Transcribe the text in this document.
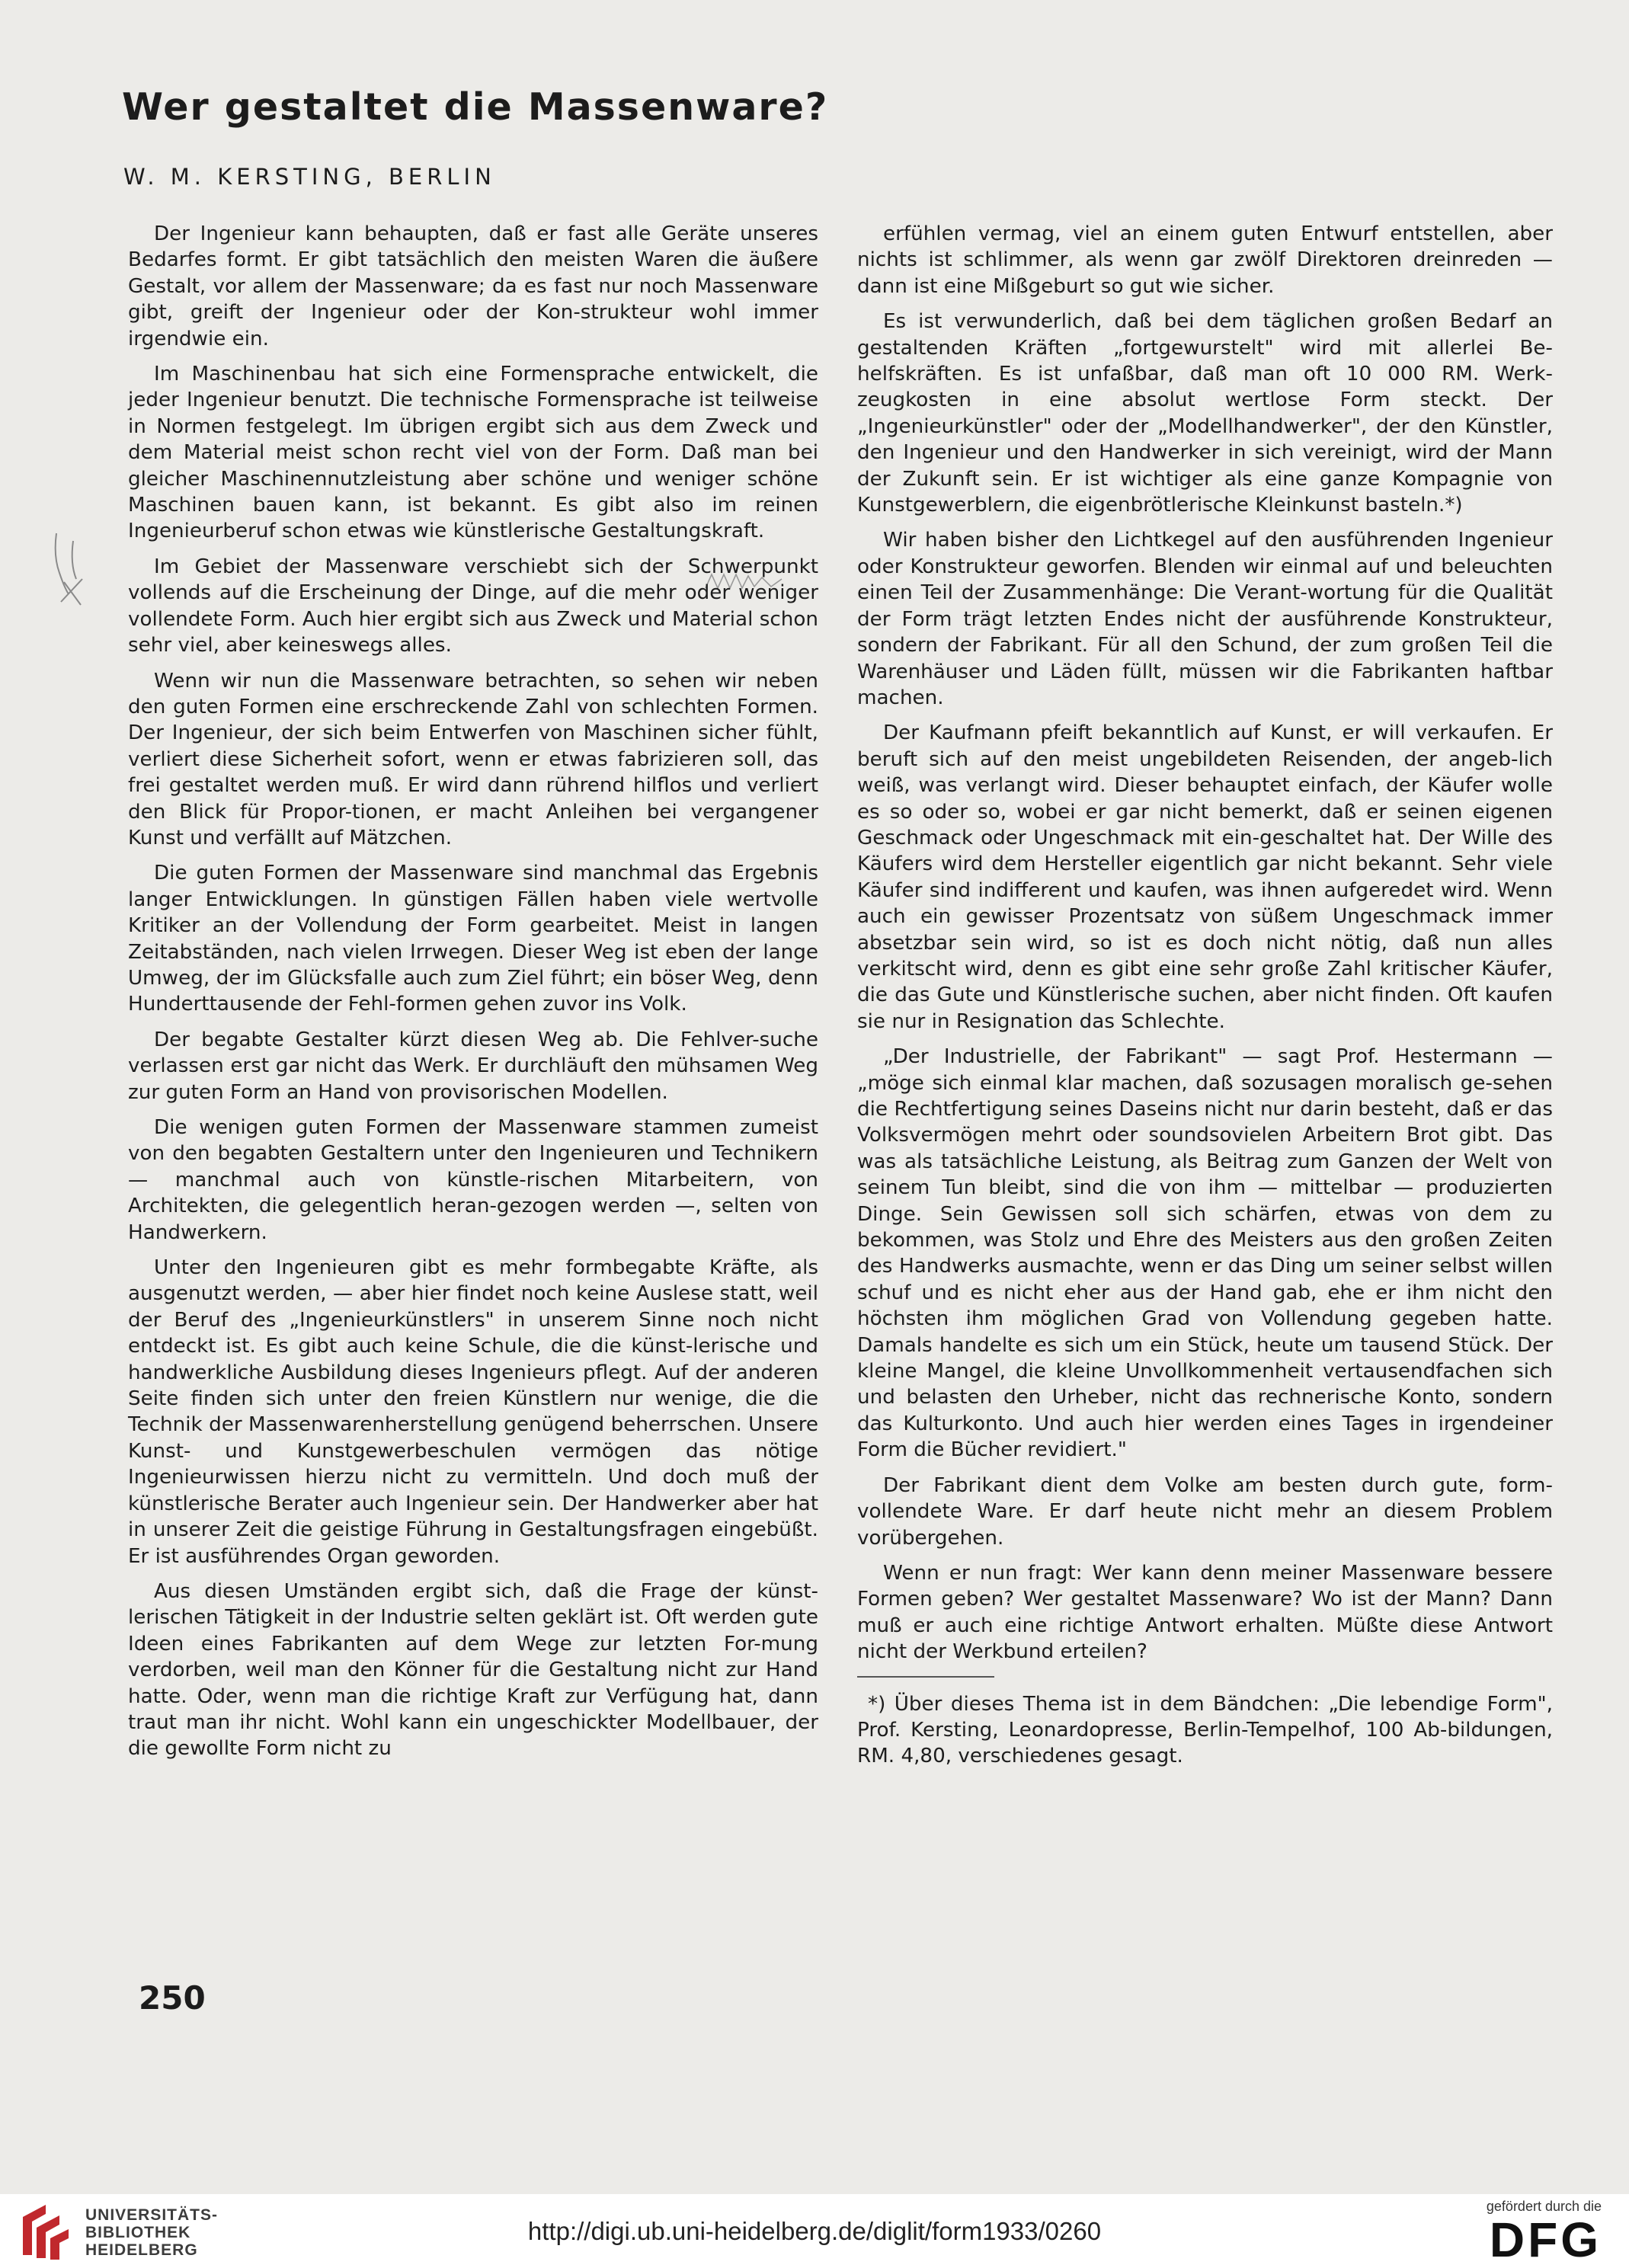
Wer gestaltet die Massenware?

W. M. KERSTING, BERLIN

Der Ingenieur kann behaupten, daß er fast alle Geräte unseres Bedarfes formt. Er gibt tatsächlich den meisten Waren die äußere Gestalt, vor allem der Massenware; da es fast nur noch Massenware gibt, greift der Ingenieur oder der Kon-strukteur wohl immer irgendwie ein.

Im Maschinenbau hat sich eine Formensprache entwickelt, die jeder Ingenieur benutzt. Die technische Formensprache ist teilweise in Normen festgelegt. Im übrigen ergibt sich aus dem Zweck und dem Material meist schon recht viel von der Form. Daß man bei gleicher Maschinennutzleistung aber schöne und weniger schöne Maschinen bauen kann, ist bekannt. Es gibt also im reinen Ingenieurberuf schon etwas wie künstlerische Gestaltungskraft.

Im Gebiet der Massenware verschiebt sich der Schwerpunkt vollends auf die Erscheinung der Dinge, auf die mehr oder weniger vollendete Form. Auch hier ergibt sich aus Zweck und Material schon sehr viel, aber keineswegs alles.

Wenn wir nun die Massenware betrachten, so sehen wir neben den guten Formen eine erschreckende Zahl von schlechten Formen. Der Ingenieur, der sich beim Entwerfen von Maschinen sicher fühlt, verliert diese Sicherheit sofort, wenn er etwas fabrizieren soll, das frei gestaltet werden muß. Er wird dann rührend hilflos und verliert den Blick für Propor-tionen, er macht Anleihen bei vergangener Kunst und verfällt auf Mätzchen.

Die guten Formen der Massenware sind manchmal das Ergebnis langer Entwicklungen. In günstigen Fällen haben viele wertvolle Kritiker an der Vollendung der Form gearbeitet. Meist in langen Zeitabständen, nach vielen Irrwegen. Dieser Weg ist eben der lange Umweg, der im Glücksfalle auch zum Ziel führt; ein böser Weg, denn Hunderttausende der Fehl-formen gehen zuvor ins Volk.

Der begabte Gestalter kürzt diesen Weg ab. Die Fehlver-suche verlassen erst gar nicht das Werk. Er durchläuft den mühsamen Weg zur guten Form an Hand von provisorischen Modellen.

Die wenigen guten Formen der Massenware stammen zumeist von den begabten Gestaltern unter den Ingenieuren und Technikern — manchmal auch von künstle-rischen Mitarbeitern, von Architekten, die gelegentlich heran-gezogen werden —, selten von Handwerkern.

Unter den Ingenieuren gibt es mehr formbegabte Kräfte, als ausgenutzt werden, — aber hier findet noch keine Auslese statt, weil der Beruf des „Ingenieurkünstlers" in unserem Sinne noch nicht entdeckt ist. Es gibt auch keine Schule, die die künst-lerische und handwerkliche Ausbildung dieses Ingenieurs pflegt. Auf der anderen Seite finden sich unter den freien Künstlern nur wenige, die die Technik der Massenwarenherstellung genügend beherrschen. Unsere Kunst- und Kunstgewerbeschulen vermögen das nötige Ingenieurwissen hierzu nicht zu vermitteln. Und doch muß der künstlerische Berater auch Ingenieur sein. Der Handwerker aber hat in unserer Zeit die geistige Führung in Gestaltungsfragen eingebüßt. Er ist ausführendes Organ geworden.

Aus diesen Umständen ergibt sich, daß die Frage der künst-lerischen Tätigkeit in der Industrie selten geklärt ist. Oft werden gute Ideen eines Fabrikanten auf dem Wege zur letzten For-mung verdorben, weil man den Könner für die Gestaltung nicht zur Hand hatte. Oder, wenn man die richtige Kraft zur Verfügung hat, dann traut man ihr nicht. Wohl kann ein ungeschickter Modellbauer, der die gewollte Form nicht zu

erfühlen vermag, viel an einem guten Entwurf entstellen, aber nichts ist schlimmer, als wenn gar zwölf Direktoren dreinreden — dann ist eine Mißgeburt so gut wie sicher.

Es ist verwunderlich, daß bei dem täglichen großen Bedarf an gestaltenden Kräften „fortgewurstelt" wird mit allerlei Be-helfskräften. Es ist unfaßbar, daß man oft 10 000 RM. Werk-zeugkosten in eine absolut wertlose Form steckt. Der „Ingenieurkünstler" oder der „Modellhandwerker", der den Künstler, den Ingenieur und den Handwerker in sich vereinigt, wird der Mann der Zukunft sein. Er ist wichtiger als eine ganze Kompagnie von Kunstgewerblern, die eigenbrötlerische Kleinkunst basteln.*)

Wir haben bisher den Lichtkegel auf den ausführenden Ingenieur oder Konstrukteur geworfen. Blenden wir einmal auf und beleuchten einen Teil der Zusammenhänge: Die Verant-wortung für die Qualität der Form trägt letzten Endes nicht der ausführende Konstrukteur, sondern der Fabrikant. Für all den Schund, der zum großen Teil die Warenhäuser und Läden füllt, müssen wir die Fabrikanten haftbar machen.

Der Kaufmann pfeift bekanntlich auf Kunst, er will verkaufen. Er beruft sich auf den meist ungebildeten Reisenden, der angeb-lich weiß, was verlangt wird. Dieser behauptet einfach, der Käufer wolle es so oder so, wobei er gar nicht bemerkt, daß er seinen eigenen Geschmack oder Ungeschmack mit ein-geschaltet hat. Der Wille des Käufers wird dem Hersteller eigentlich gar nicht bekannt. Sehr viele Käufer sind indifferent und kaufen, was ihnen aufgeredet wird. Wenn auch ein gewisser Prozentsatz von süßem Ungeschmack immer absetzbar sein wird, so ist es doch nicht nötig, daß nun alles verkitscht wird, denn es gibt eine sehr große Zahl kritischer Käufer, die das Gute und Künstlerische suchen, aber nicht finden. Oft kaufen sie nur in Resignation das Schlechte.

„Der Industrielle, der Fabrikant" — sagt Prof. Hestermann — „möge sich einmal klar machen, daß sozusagen moralisch ge-sehen die Rechtfertigung seines Daseins nicht nur darin besteht, daß er das Volksvermögen mehrt oder soundsovielen Arbeitern Brot gibt. Das was als tatsächliche Leistung, als Beitrag zum Ganzen der Welt von seinem Tun bleibt, sind die von ihm — mittelbar — produzierten Dinge. Sein Gewissen soll sich schärfen, etwas von dem zu bekommen, was Stolz und Ehre des Meisters aus den großen Zeiten des Handwerks ausmachte, wenn er das Ding um seiner selbst willen schuf und es nicht eher aus der Hand gab, ehe er ihm nicht den höchsten ihm möglichen Grad von Vollendung gegeben hatte. Damals handelte es sich um ein Stück, heute um tausend Stück. Der kleine Mangel, die kleine Unvollkommenheit vertausendfachen sich und belasten den Urheber, nicht das rechnerische Konto, sondern das Kulturkonto. Und auch hier werden eines Tages in irgendeiner Form die Bücher revidiert."

Der Fabrikant dient dem Volke am besten durch gute, form-vollendete Ware. Er darf heute nicht mehr an diesem Problem vorübergehen.

Wenn er nun fragt: Wer kann denn meiner Massenware bessere Formen geben? Wer gestaltet Massenware? Wo ist der Mann? Dann muß er auch eine richtige Antwort erhalten. Müßte diese Antwort nicht der Werkbund erteilen?

*) Über dieses Thema ist in dem Bändchen: „Die lebendige Form", Prof. Kersting, Leonardopresse, Berlin-Tempelhof, 100 Ab-bildungen, RM. 4,80, verschiedenes gesagt.

250

UNIVERSITÄTS-
BIBLIOTHEK
HEIDELBERG
http://digi.ub.uni-heidelberg.de/diglit/form1933/0260
gefördert durch die
DFG
